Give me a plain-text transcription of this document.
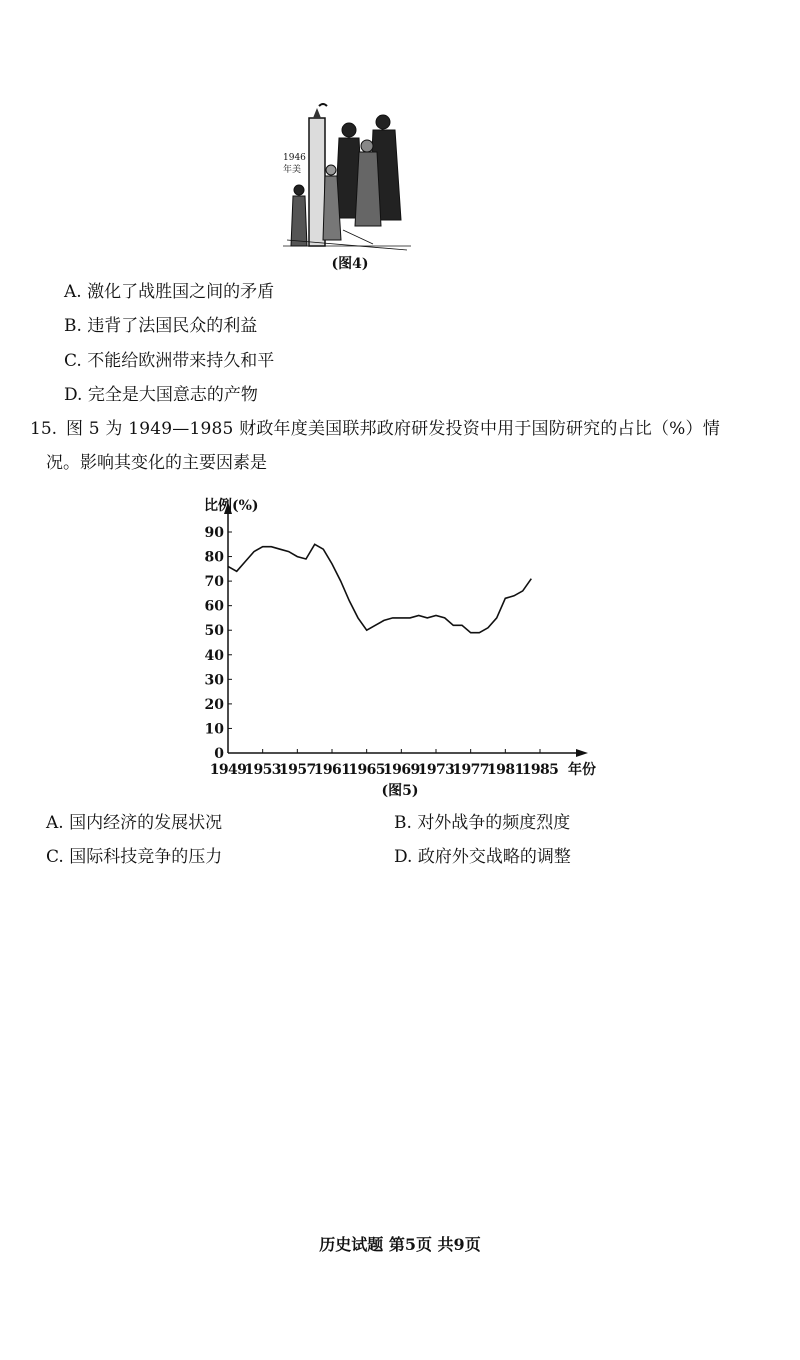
1946
年美
(图4)
A. 激化了战胜国之间的矛盾
B. 违背了法国民众的利益
C. 不能给欧洲带来持久和平
D. 完全是大国意志的产物
15. 图 5 为 1949—1985 财政年度美国联邦政府研发投资中用于国防研究的占比（%）情
况。影响其变化的主要因素是
比例(%)
年份
0
10
20
30
40
50
60
70
80
90
1949
1953
1957
1961
1965
1969
1973
1977
1981
1985
(图5)
A. 国内经济的发展状况	B. 对外战争的频度烈度
C. 国际科技竞争的压力	D. 政府外交战略的调整
历史试题 第5页 共9页
